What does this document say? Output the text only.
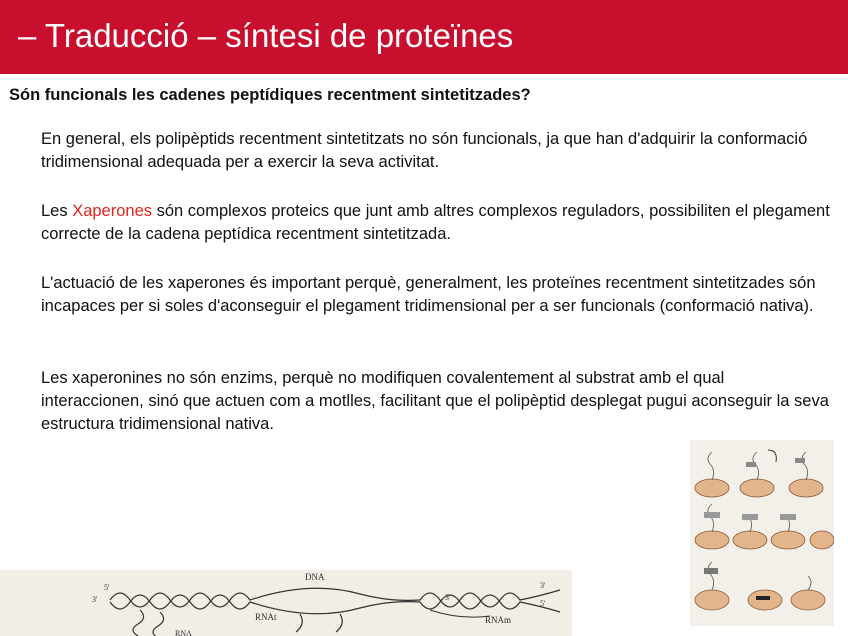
– Traducció – síntesi de proteïnes
Són funcionals les cadenes peptídiques recentment sintetitzades?
En general, els polipèptids recentment sintetitzats no són funcionals, ja que han d'adquirir la conformació tridimensional adequada per a exercir la seva activitat.
Les Xaperones són complexos proteics que junt amb altres complexos reguladors, possibiliten el plegament correcte de la cadena peptídica recentment sintetitzada.
L'actuació de les xaperones és important perquè, generalment, les proteïnes recentment sintetitzades són incapaces per si soles d'aconseguir el plegament tridimensional per a ser funcionals (conformació nativa).
Les xaperonines no són enzims, perquè no modifiquen covalentement al substrat amb el qual interaccionen, sinó que actuen com a motlles, facilitant que el polipèptid desplegat pugui aconseguir la seva estructura tridimensional nativa.
DNA
RNAt	RNAm
5'
3'
3'
5'
3'
RNA
